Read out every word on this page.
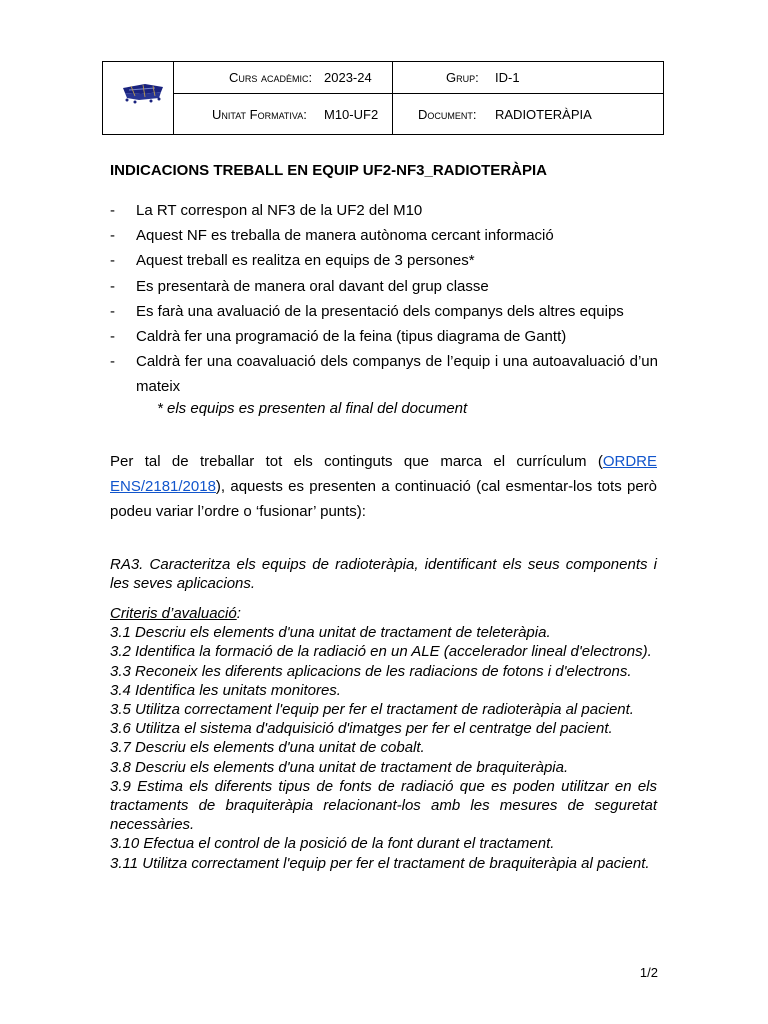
Curs acadèmic: 2023-24	Grup: ID-1
Unitat Formativa: M10-UF2	Document: RADIOTERÀPIA
INDICACIONS TREBALL EN EQUIP UF2-NF3_RADIOTERÀPIA
- La RT correspon al NF3 de la UF2 del M10
- Aquest NF es treballa de manera autònoma cercant informació
- Aquest treball es realitza en equips de 3 persones*
- Es presentarà de manera oral davant del grup classe
- Es farà una avaluació de la presentació dels companys dels altres equips
- Caldrà fer una programació de la feina (tipus diagrama de Gantt)
- Caldrà fer una coavaluació dels companys de l’equip i una autoavaluació d’un mateix
* els equips es presenten al final del document

Per tal de treballar tot els continguts que marca el currículum (ORDRE ENS/2181/2018), aquests es presenten a continuació (cal esmentar-los tots però podeu variar l’ordre o ‘fusionar’ punts):

RA3. Caracteritza els equips de radioteràpia, identificant els seus components i les seves aplicacions.

Criteris d’avaluació:
3.1 Descriu els elements d'una unitat de tractament de teleteràpia.
3.2 Identifica la formació de la radiació en un ALE (accelerador lineal d'electrons).
3.3 Reconeix les diferents aplicacions de les radiacions de fotons i d'electrons.
3.4 Identifica les unitats monitores.
3.5 Utilitza correctament l'equip per fer el tractament de radioteràpia al pacient.
3.6 Utilitza el sistema d'adquisició d'imatges per fer el centratge del pacient.
3.7 Descriu els elements d'una unitat de cobalt.
3.8 Descriu els elements d'una unitat de tractament de braquiteràpia.
3.9 Estima els diferents tipus de fonts de radiació que es poden utilitzar en els tractaments de braquiteràpia relacionant-los amb les mesures de seguretat necessàries.
3.10 Efectua el control de la posició de la font durant el tractament.
3.11 Utilitza correctament l'equip per fer el tractament de braquiteràpia al pacient.
1/2
